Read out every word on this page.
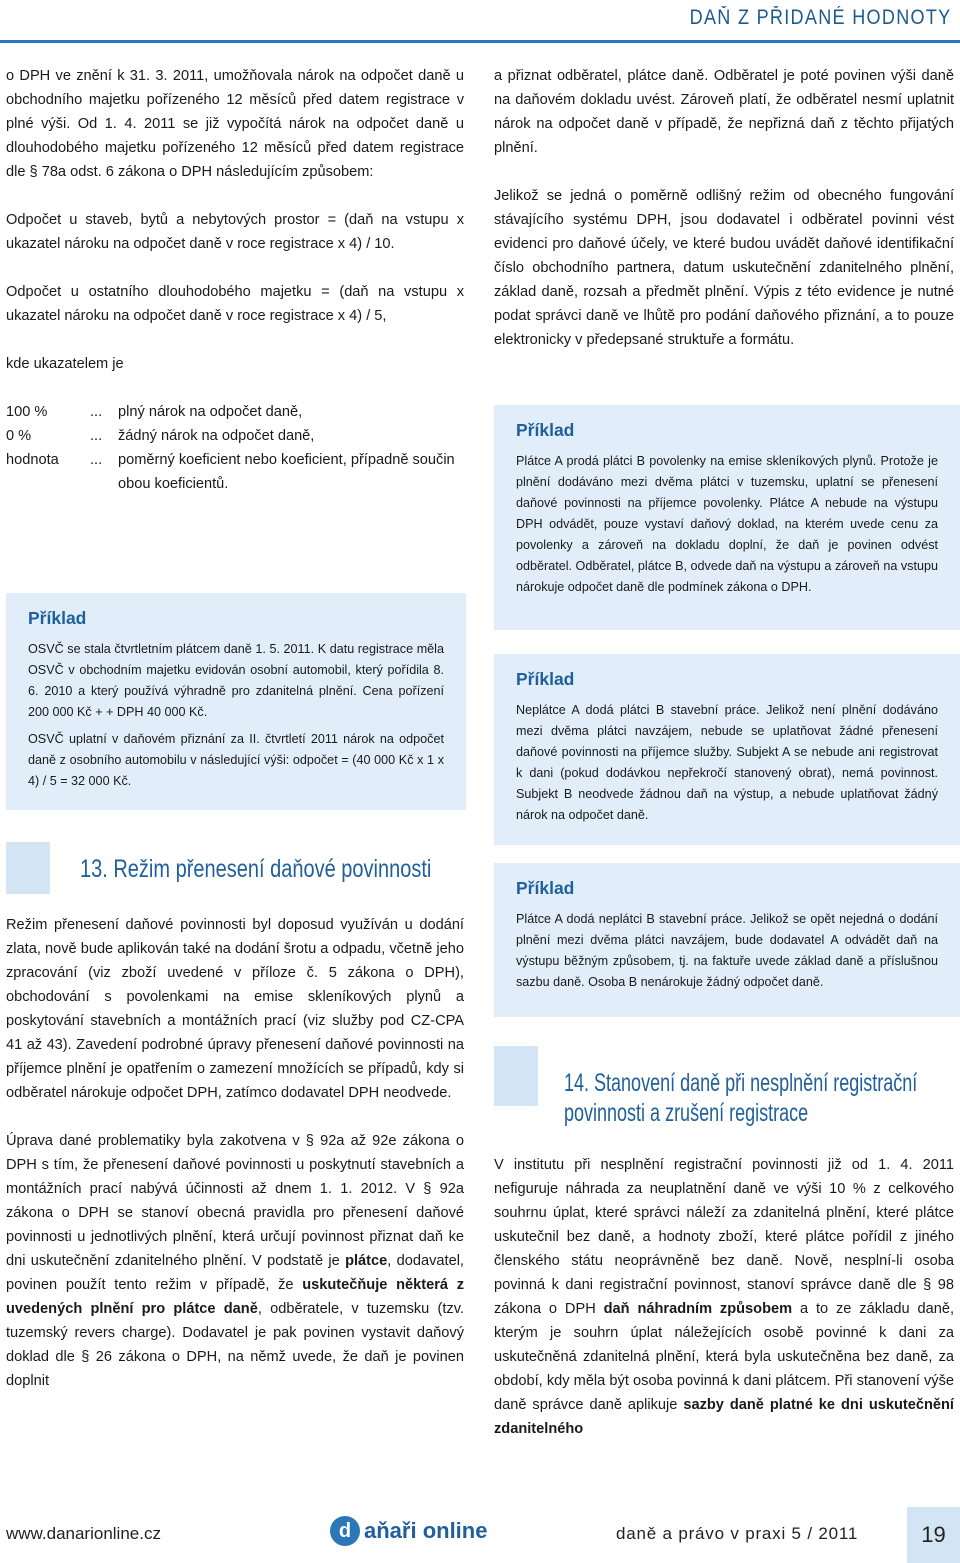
DAŇ Z PŘIDANÉ HODNOTY

o DPH ve znění k 31. 3. 2011, umožňovala nárok na odpočet daně u obchodního majetku pořízeného 12 měsíců před datem registrace v plné výši. Od 1. 4. 2011 se již vypočítá nárok na odpočet daně u dlouhodobého majetku pořízeného 12 měsíců před datem registrace dle § 78a odst. 6 zákona o DPH následujícím způsobem:

Odpočet u staveb, bytů a nebytových prostor = (daň na vstupu x ukazatel nároku na odpočet daně v roce registrace x 4) / 10.

Odpočet u ostatního dlouhodobého majetku = (daň na vstupu x ukazatel nároku na odpočet daně v roce registrace x 4) / 5,

kde ukazatelem je

100 %	...	plný nárok na odpočet daně,
0 %	...	žádný nárok na odpočet daně,
hodnota	...	poměrný koeficient nebo koeficient, případně součin obou koeficientů.
Příklad

OSVČ se stala čtvrtletním plátcem daně 1. 5. 2011. K datu registrace měla OSVČ v obchodním majetku evidován osobní automobil, který pořídila 8. 6. 2010 a který používá výhradně pro zdanitelná plnění. Cena pořízení 200 000 Kč + + DPH 40 000 Kč.

OSVČ uplatní v daňovém přiznání za II. čtvrtletí 2011 nárok na odpočet daně z osobního automobilu v následující výši: odpočet = (40 000 Kč x 1 x 4) / 5 = 32 000 Kč.

13. Režim přenesení daňové povinnosti

Režim přenesení daňové povinnosti byl doposud využíván u dodání zlata, nově bude aplikován také na dodání šrotu a odpadu, včetně jeho zpracování (viz zboží uvedené v příloze č. 5 zákona o DPH), obchodování s povolenkami na emise skleníkových plynů a poskytování stavebních a montážních prací (viz služby pod CZ-CPA 41 až 43). Zavedení podrobné úpravy přenesení daňové povinnosti na příjemce plnění je opatřením o zamezení množících se případů, kdy si odběratel nárokuje odpočet DPH, zatímco dodavatel DPH neodvede.

Úprava dané problematiky byla zakotvena v § 92a až 92e zákona o DPH s tím, že přenesení daňové povinnosti u poskytnutí stavebních a montážních prací nabývá účinnosti až dnem 1. 1. 2012. V § 92a zákona o DPH se stanoví obecná pravidla pro přenesení daňové povinnosti u jednotlivých plnění, která určují povinnost přiznat daň ke dni uskutečnění zdanitelného plnění. V podstatě je plátce, dodavatel, povinen použít tento režim v případě, že uskutečňuje některá z uvedených plnění pro plátce daně, odběratele, v tuzemsku (tzv. tuzemský revers charge). Dodavatel je pak povinen vystavit daňový doklad dle § 26 zákona o DPH, na němž uvede, že daň je povinen doplnit

a přiznat odběratel, plátce daně. Odběratel je poté povinen výši daně na daňovém dokladu uvést. Zároveň platí, že odběratel nesmí uplatnit nárok na odpočet daně v případě, že nepřizná daň z těchto přijatých plnění.

Jelikož se jedná o poměrně odlišný režim od obecného fungování stávajícího systému DPH, jsou dodavatel i odběratel povinni vést evidenci pro daňové účely, ve které budou uvádět daňové identifikační číslo obchodního partnera, datum uskutečnění zdanitelného plnění, základ daně, rozsah a předmět plnění. Výpis z této evidence je nutné podat správci daně ve lhůtě pro podání daňového přiznání, a to pouze elektronicky v předepsané struktuře a formátu.

Příklad

Plátce A prodá plátci B povolenky na emise skleníkových plynů. Protože je plnění dodáváno mezi dvěma plátci v tuzemsku, uplatní se přenesení daňové povinnosti na příjemce povolenky. Plátce A nebude na výstupu DPH odvádět, pouze vystaví daňový doklad, na kterém uvede cenu za povolenky a zároveň na dokladu doplní, že daň je povinen odvést odběratel. Odběratel, plátce B, odvede daň na výstupu a zároveň na vstupu nárokuje odpočet daně dle podmínek zákona o DPH.

Příklad

Neplátce A dodá plátci B stavební práce. Jelikož není plnění dodáváno mezi dvěma plátci navzájem, nebude se uplatňovat žádné přenesení daňové povinnosti na příjemce služby. Subjekt A se nebude ani registrovat k dani (pokud dodávkou nepřekročí stanovený obrat), nemá povinnost. Subjekt B neodvede žádnou daň na výstup, a nebude uplatňovat žádný nárok na odpočet daně.

Příklad

Plátce A dodá neplátci B stavební práce. Jelikož se opět nejedná o dodání plnění mezi dvěma plátci navzájem, bude dodavatel A odvádět daň na výstupu běžným způsobem, tj. na faktuře uvede základ daně a příslušnou sazbu daně. Osoba B nenárokuje žádný odpočet daně.

14. Stanovení daně při nesplnění registrační
povinnosti a zrušení registrace

V institutu při nesplnění registrační povinnosti již od 1. 4. 2011 nefiguruje náhrada za neuplatnění daně ve výši 10 % z celkového souhrnu úplat, které správci náleží za zdanitelná plnění, které plátce uskutečnil bez daně, a hodnoty zboží, které plátce pořídil z jiného členského státu neoprávněně bez daně. Nově, nesplní-li osoba povinná k dani registrační povinnost, stanoví správce daně dle § 98 zákona o DPH daň náhradním způsobem a to ze základu daně, kterým je souhrn úplat náležejících osobě povinné k dani za uskutečněná zdanitelná plnění, která byla uskutečněna bez daně, za období, kdy měla být osoba povinná k dani plátcem. Při stanovení výše daně správce daně aplikuje sazby daně platné ke dni uskutečnění zdanitelného

www.danarionline.cz	d aňaři online	daně a právo v praxi 5 / 2011	19
